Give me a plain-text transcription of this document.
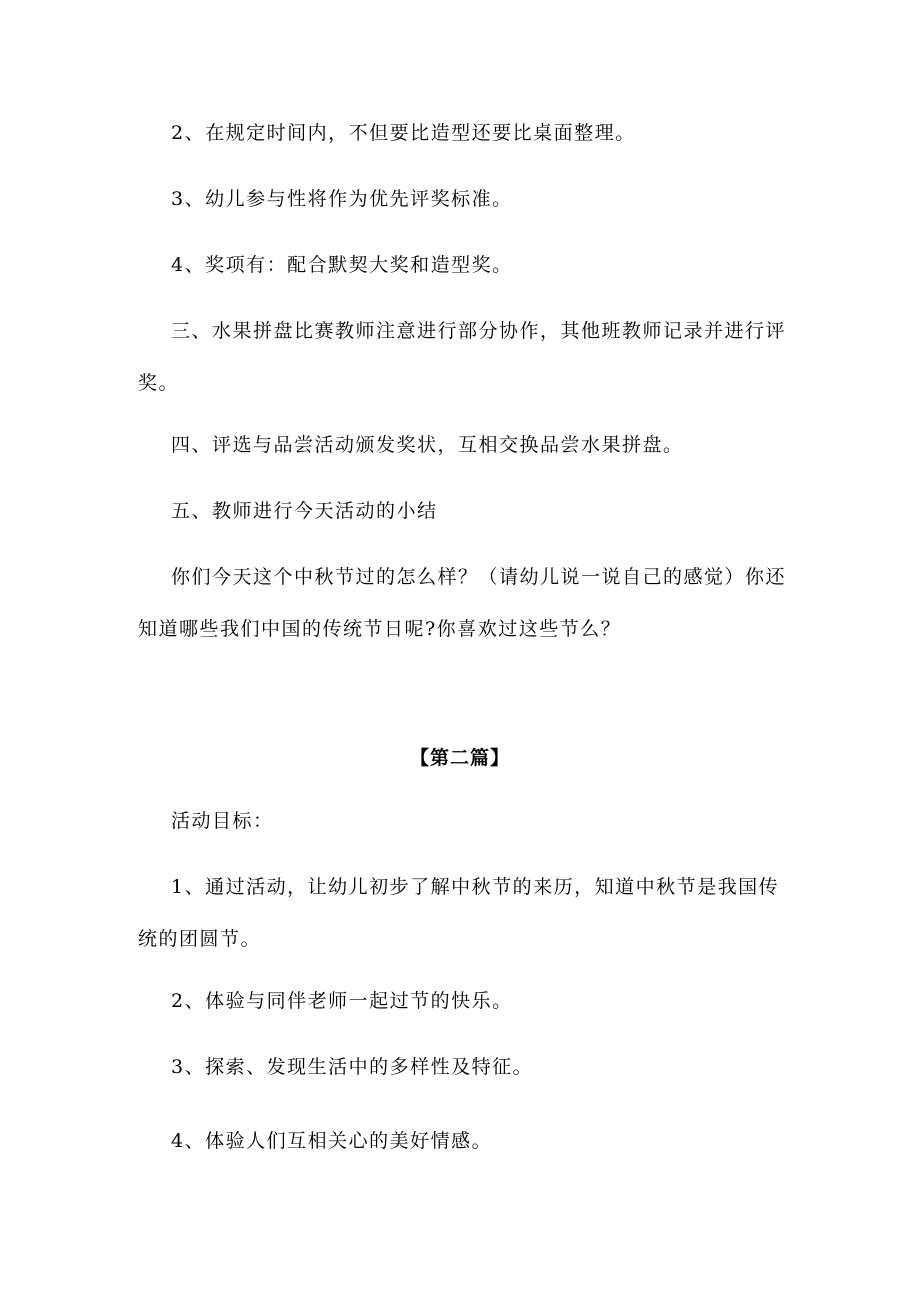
2、在规定时间内，不但要比造型还要比桌面整理。

3、幼儿参与性将作为优先评奖标准。

4、奖项有：配合默契大奖和造型奖。

三、水果拼盘比赛教师注意进行部分协作，其他班教师记录并进行评奖。

四、评选与品尝活动颁发奖状，互相交换品尝水果拼盘。

五、教师进行今天活动的小结

你们今天这个中秋节过的怎么样？（请幼儿说一说自己的感觉）你还知道哪些我们中国的传统节日呢?你喜欢过这些节么？

【第二篇】

活动目标：

1、通过活动，让幼儿初步了解中秋节的来历，知道中秋节是我国传统的团圆节。

2、体验与同伴老师一起过节的快乐。

3、探索、发现生活中的多样性及特征。

4、体验人们互相关心的美好情感。
